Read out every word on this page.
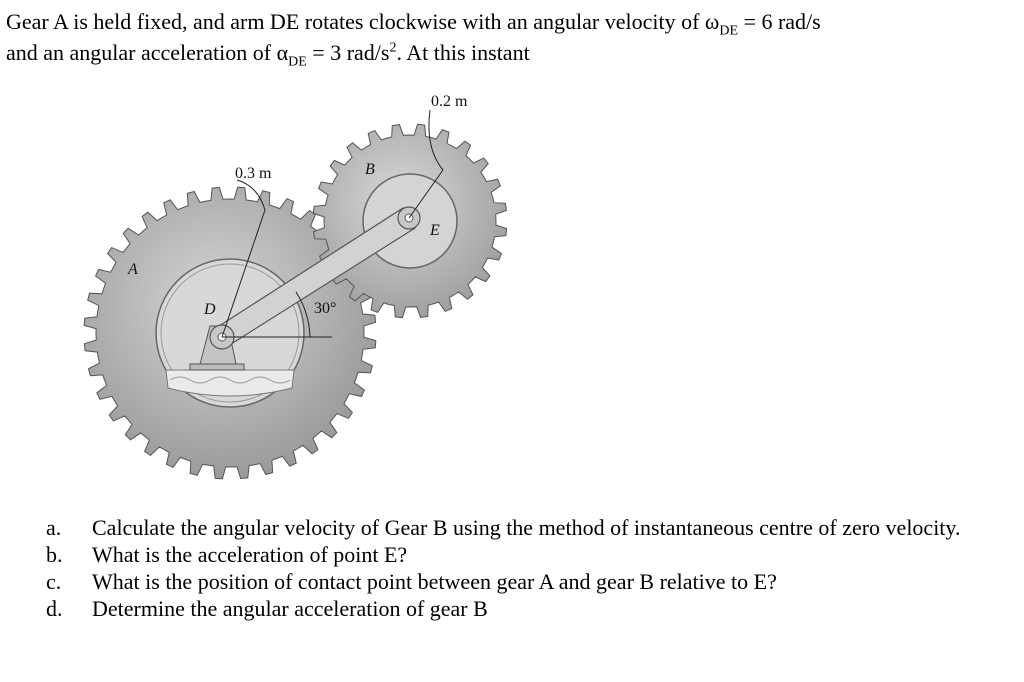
Gear A is held fixed, and arm DE rotates clockwise with an angular velocity of $\omega_{DE} = 6$ rad/s
and an angular acceleration of $\alpha_{DE} = 3$ rad/$s^2$. At this instant

0.2 m
0.3 m
A
B
D
E
30°
a. Calculate the angular velocity of Gear B using the method of instantaneous centre of zero velocity.
b. What is the acceleration of point E?
c. What is the position of contact point between gear A and gear B relative to E?
d. Determine the angular acceleration of gear B
